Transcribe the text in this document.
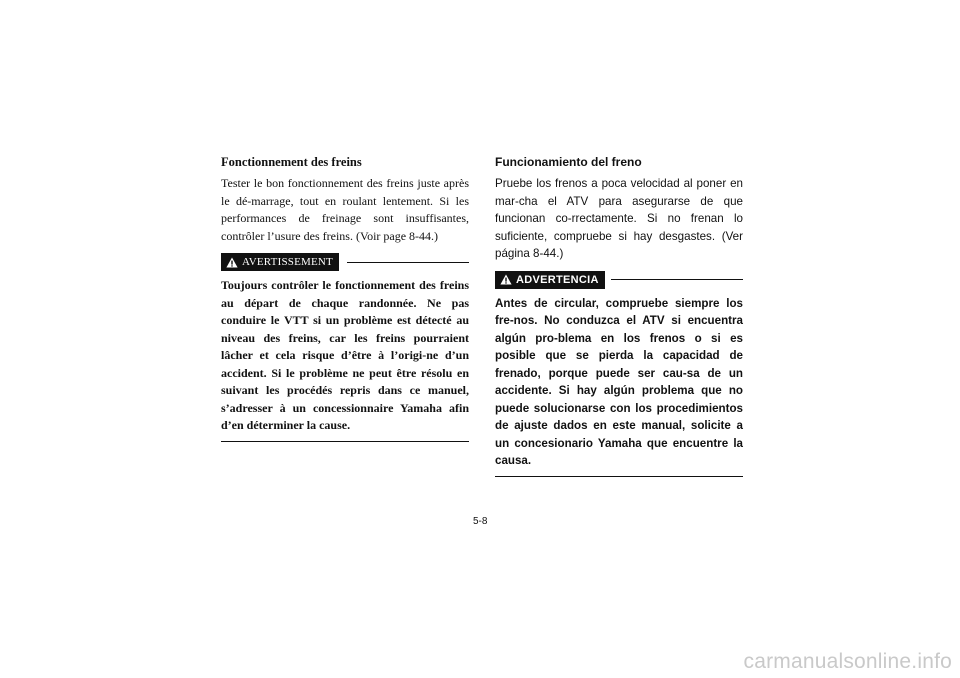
Fonctionnement des freins

Tester le bon fonctionnement des freins juste après le dé-marrage, tout en roulant lentement. Si les performances de freinage sont insuffisantes, contrôler l’usure des freins. (Voir page 8-44.)

AVERTISSEMENT

Toujours contrôler le fonctionnement des freins au départ de chaque randonnée. Ne pas conduire le VTT si un problème est détecté au niveau des freins, car les freins pourraient lâcher et cela risque d’être à l’origi-ne d’un accident. Si le problème ne peut être résolu en suivant les procédés repris dans ce manuel, s’adresser à un concessionnaire Yamaha afin d’en déterminer la cause.

Funcionamiento del freno

Pruebe los frenos a poca velocidad al poner en mar-cha el ATV para asegurarse de que funcionan co-rrectamente. Si no frenan lo suficiente, compruebe si hay desgastes. (Ver página 8-44.)

ADVERTENCIA

Antes de circular, compruebe siempre los fre-nos. No conduzca el ATV si encuentra algún pro-blema en los frenos o si es posible que se pierda la capacidad de frenado, porque puede ser cau-sa de un accidente. Si hay algún problema que no puede solucionarse con los procedimientos de ajuste dados en este manual, solicite a un concesionario Yamaha que encuentre la causa.

5-8
carmanualsonline.info
